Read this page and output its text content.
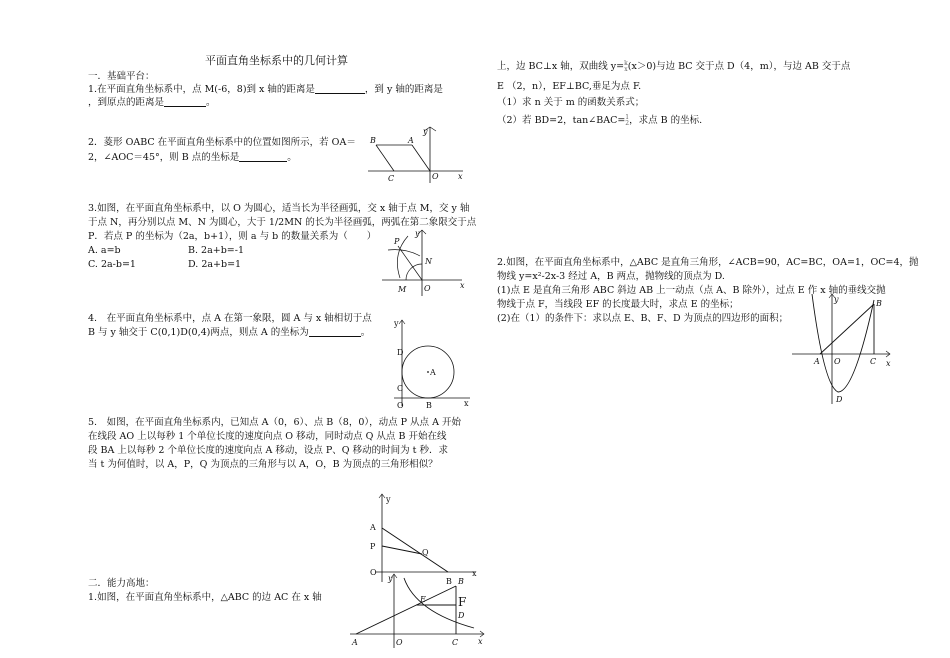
平面直角坐标系中的几何计算
一．基础平台：
1.在平面直角坐标系中，点 M(-6，8)到 x 轴的距离是	，到 y 轴的距离是
，到原点的距离是	。
2．菱形 OABC 在平面直角坐标系中的位置如图所示，若 OA＝
2，∠AOC＝45°，则 B 点的坐标是	。
B	A
C	O x
y
3.如图，在平面直角坐标系中，以 O 为圆心，适当长为半径画弧，交 x 轴于点 M，交 y 轴
于点 N，再分别以点 M、N 为圆心，大于 1/2MN 的长为半径画弧，两弧在第二象限交于点
P．若点 P 的坐标为（2a，b+1），则 a 与 b 的数量关系为（　　）
A. a=b	B. 2a+b=-1
C. 2a-b=1	D. 2a+b=1
P
N
M O	x
y
4.　在平面直角坐标系中，点 A 在第一象限，圆 A 与 x 轴相切于点
B 与 y 轴交于 C(0,1)D(0,4)两点，则点 A 的坐标为	。
D
C
A
O	x
y
B
5.　如图，在平面直角坐标系内，已知点 A（0，6）、点 B（8，0），动点 P 从点 A 开始
在线段 AO 上以每秒 1 个单位长度的速度向点 O 移动，同时动点 Q 从点 B 开始在线
段 BA 上以每秒 2 个单位长度的速度向点 A 移动，设点 P、Q 移动的时间为 t 秒．求
当 t 为何值时，以 A，P，Q 为顶点的三角形与以 A，O，B 为顶点的三角形相似？
A
P
Q
O
B
x
y
二．能力高地：
1.如图，在平面直角坐标系中，△ABC 的边 AC 在 x 轴
A	O	C
E	F
D
B
y
x
上，边 BC⊥x 轴，双曲线 y=k
x(x＞0)与边 BC 交于点 D（4，m），与边 AB 交于点
E （2，n），EF⊥BC,垂足为点 F.
（1）求 n 关于 m 的函数关系式；
（2）若 BD=2，tan∠BAC=1
2，求点 B 的坐标.
2.如图，在平面直角坐标系中，△ABC 是直角三角形，∠ACB=90，AC=BC，OA=1，OC=4，抛
物线 y=x²-2x-3 经过 A，B 两点，抛物线的顶点为 D.
(1)点 E 是直角三角形 ABC 斜边 AB 上一动点（点 A、B 除外），过点 E 作 x 轴的垂线交抛
物线于点 F，当线段 EF 的长度最大时，求点 E 的坐标；
(2)在（1）的条件下：求以点 E、B、F、D 为顶点的四边形的面积；
y
x
A O	C
B
D
